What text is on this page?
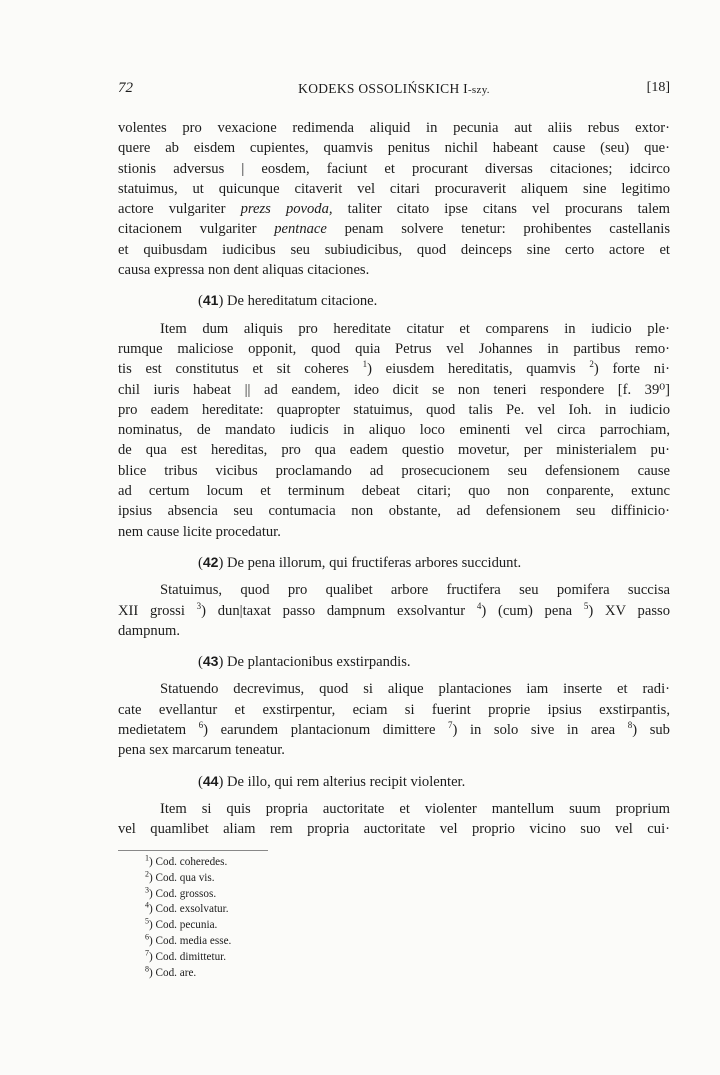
72	KODEKS OSSOLIŃSKICH I-szy.	[18]
volentes pro vexacione redimenda aliquid in pecunia aut aliis rebus extor·
quere ab eisdem cupientes, quamvis penitus nichil habeant cause (seu) que·
stionis adversus | eosdem, faciunt et procurant diversas citaciones; idcirco
statuimus, ut quicunque citaverit vel citari procuraverit aliquem sine legitimo
actore vulgariter prezs povoda, taliter citato ipse citans vel procurans talem
citacionem vulgariter pentnace penam solvere tenetur: prohibentes castellanis
et quibusdam iudicibus seu subiudicibus, quod deinceps sine certo actore et
causa expressa non dent aliquas citaciones.
(41) De hereditatum citacione.
Item dum aliquis pro hereditate citatur et comparens in iudicio ple·
rumque maliciose opponit, quod quia Petrus vel Johannes in partibus remo·
tis est constitutus et sit coheres $^1$) eiusdem hereditatis, quamvis $^2$) forte ni·
chil iuris habeat || ad eandem, ideo dicit se non teneri respondere [f. 39⁰]
pro eadem hereditate: quapropter statuimus, quod talis Pe. vel Ioh. in iudicio
nominatus, de mandato iudicis in aliquo loco eminenti vel circa parrochiam,
de qua est hereditas, pro qua eadem questio movetur, per ministerialem pu·
blice tribus vicibus proclamando ad prosecucionem seu defensionem cause
ad certum locum et terminum debeat citari; quo non conparente, extunc
ipsius absencia seu contumacia non obstante, ad defensionem seu diffinicio·
nem cause licite procedatur.
(42) De pena illorum, qui fructiferas arbores succidunt.
Statuimus, quod pro qualibet arbore fructifera seu pomifera succisa
XII grossi $^3$) dun|taxat passo dampnum exsolvantur $^4$) (cum) pena $^5$) XV passo
dampnum.
(43) De plantacionibus exstirpandis.
Statuendo decrevimus, quod si alique plantaciones iam inserte et radi·
cate evellantur et exstirpentur, eciam si fuerint proprie ipsius exstirpantis,
medietatem $^6$) earundem plantacionum dimittere $^7$) in solo sive in area $^8$) sub
pena sex marcarum teneatur.
(44) De illo, qui rem alterius recipit violenter.
Item si quis propria auctoritate et violenter mantellum suum proprium
vel quamlibet aliam rem propria auctoritate vel proprio vicino suo vel cui·
$^1$) Cod. coheredes.
$^2$) Cod. qua vis.
$^3$) Cod. grossos.
$^4$) Cod. exsolvatur.
$^5$) Cod. pecunia.
$^6$) Cod. media esse.
$^7$) Cod. dimittetur.
$^8$) Cod. are.
